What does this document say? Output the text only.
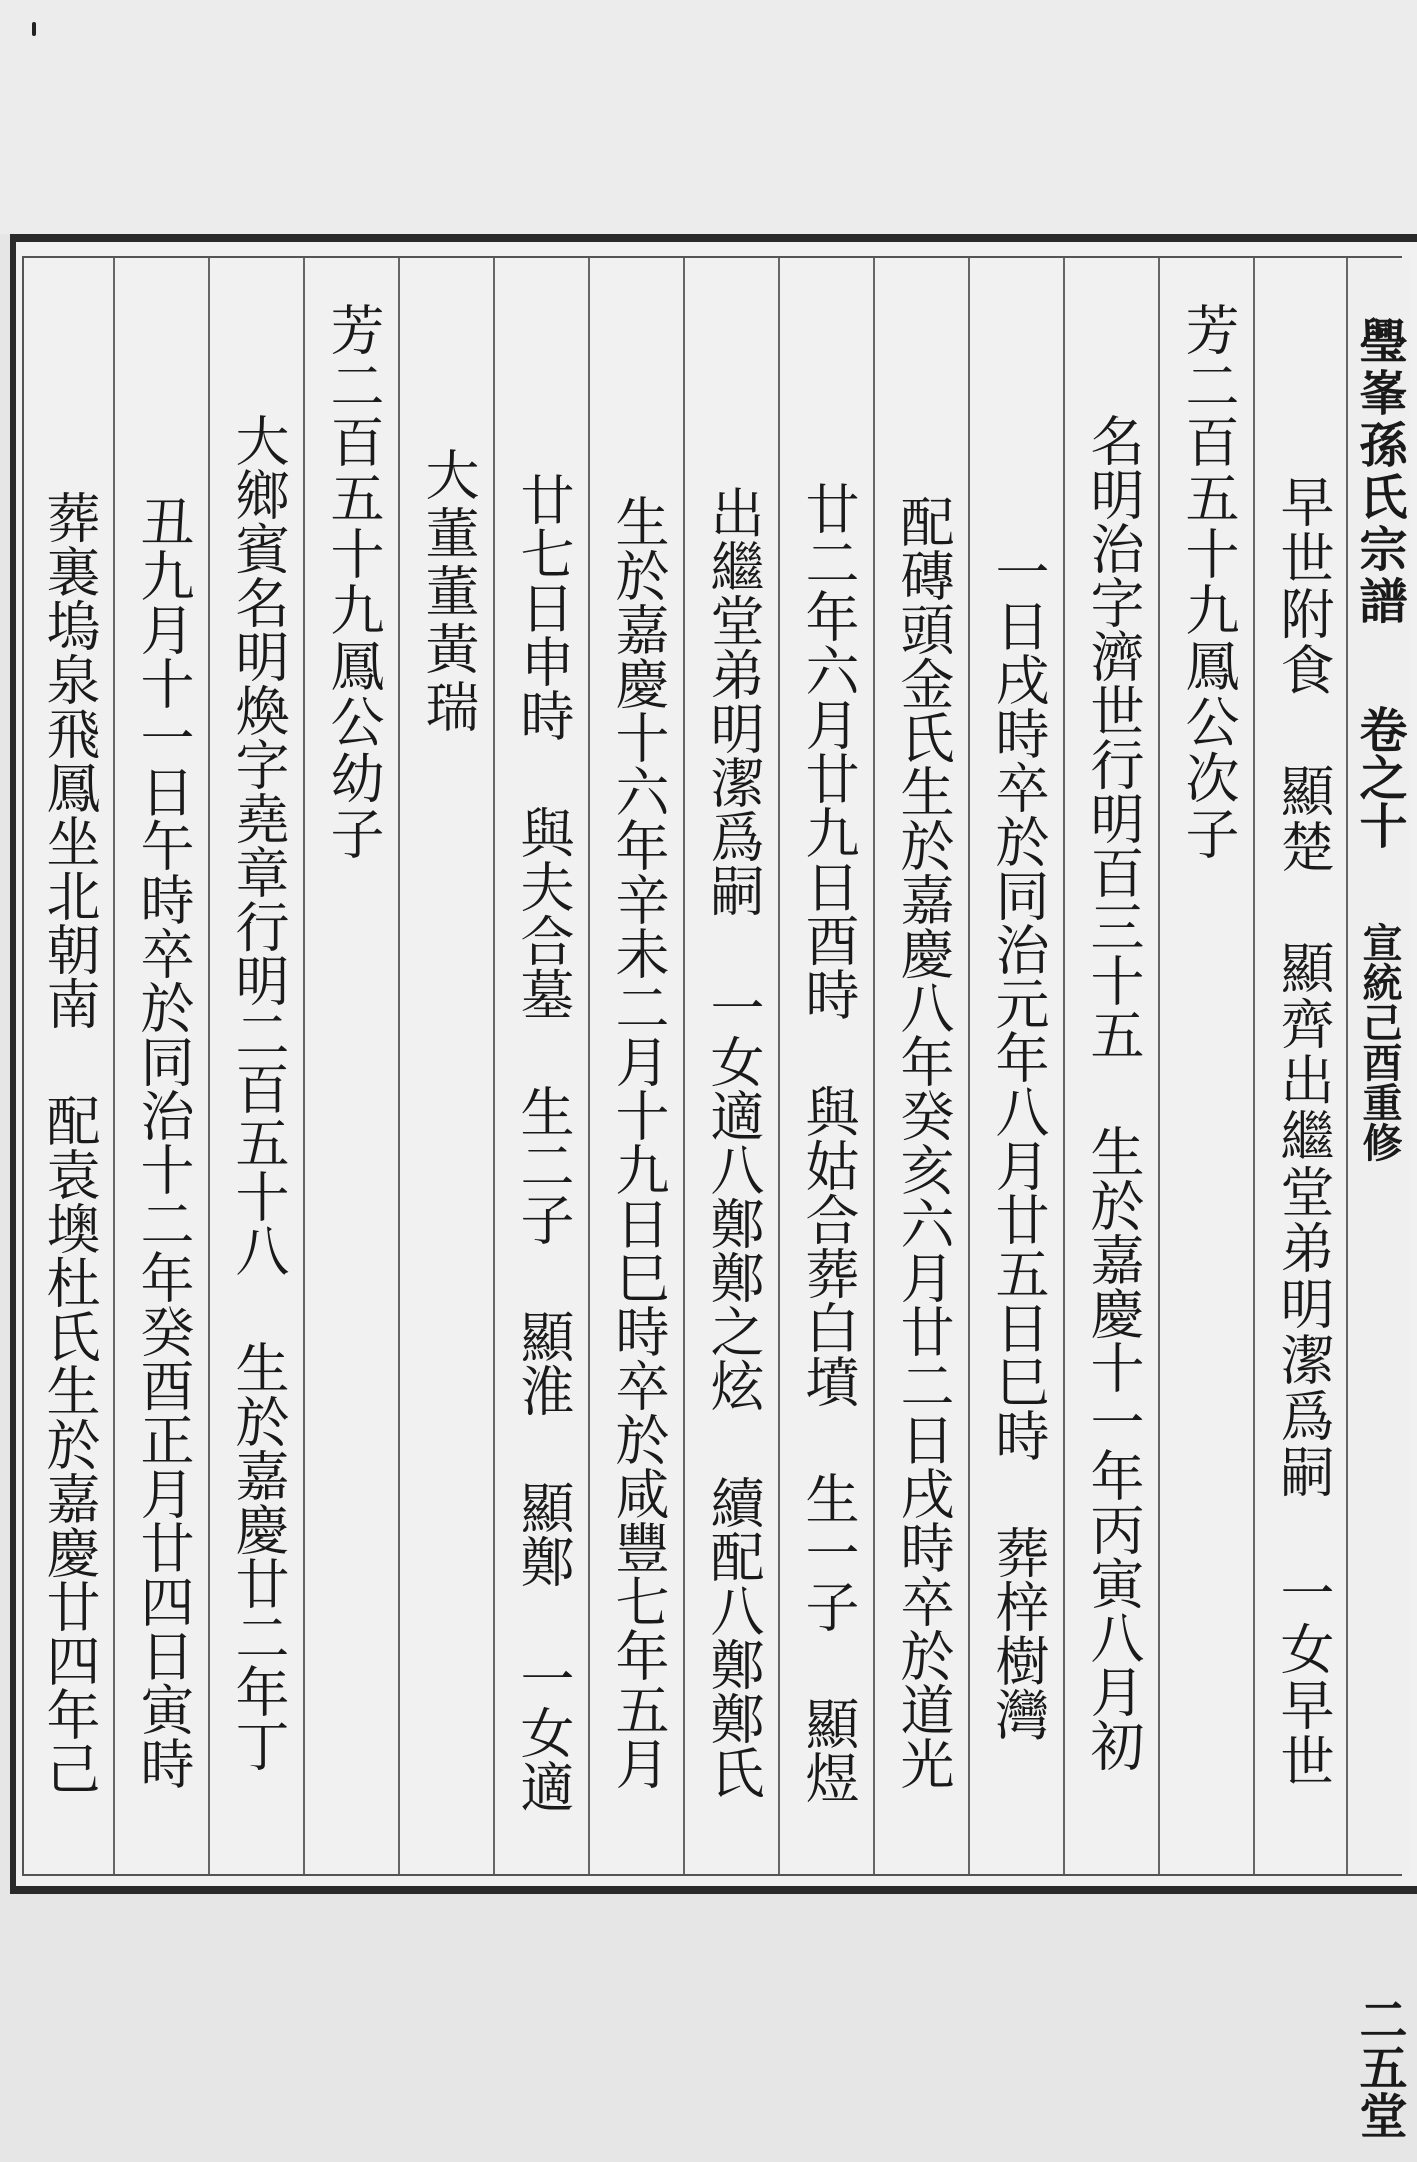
璺峯孫氏宗譜
卷之十
宣統己酉重修
二五堂
早世附食 顯楚 顯齊出繼堂弟明潔爲嗣 一女早世
芳二百五十九鳳公次子
名明治字濟世行明百三十五 生於嘉慶十一年丙寅八月初
一日戌時卒於同治元年八月廿五日巳時 葬梓樹灣
配磚頭金氏生於嘉慶八年癸亥六月廿二日戌時卒於道光
廿二年六月廿九日酉時 與姑合葬白墳 生一子 顯煜
出繼堂弟明潔爲嗣 一女適八鄭鄭之炫 續配八鄭鄭氏
生於嘉慶十六年辛未二月十九日巳時卒於咸豐七年五月
廿七日申時 與夫合墓 生二子 顯淮 顯鄭 一女適
大董董黃瑞
芳二百五十九鳳公幼子
大鄉賓名明煥字堯章行明二百五十八 生於嘉慶廿二年丁
丑九月十一日午時卒於同治十二年癸酉正月廿四日寅時
葬裏塢泉飛鳳坐北朝南 配袁墺杜氏生於嘉慶廿四年己
